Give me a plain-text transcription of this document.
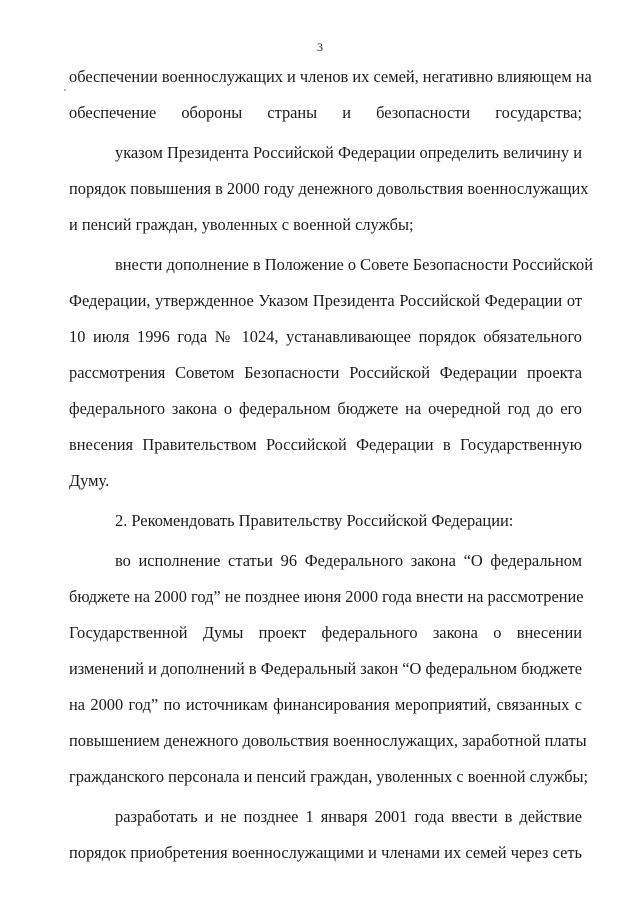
3
обеспечении военнослужащих и членов их семей, негативно влияющем на
обеспечение обороны страны и безопасности государства;
указом Президента Российской Федерации определить величину и
порядок повышения в 2000 году денежного довольствия военнослужащих
и пенсий граждан, уволенных с военной службы;
внести дополнение в Положение о Совете Безопасности Российской
Федерации, утвержденное Указом Президента Российской Федерации от
10 июля 1996 года № 1024, устанавливающее порядок обязательного
рассмотрения Советом Безопасности Российской Федерации проекта
федерального закона о федеральном бюджете на очередной год до его
внесения Правительством Российской Федерации в Государственную
Думу.
2. Рекомендовать Правительству Российской Федерации:
во исполнение статьи 96 Федерального закона “О федеральном
бюджете на 2000 год” не позднее июня 2000 года внести на рассмотрение
Государственной Думы проект федерального закона о внесении
изменений и дополнений в Федеральный закон “О федеральном бюджете
на 2000 год” по источникам финансирования мероприятий, связанных с
повышением денежного довольствия военнослужащих, заработной платы
гражданского персонала и пенсий граждан, уволенных с военной службы;
разработать и не позднее 1 января 2001 года ввести в действие
порядок приобретения военнослужащими и членами их семей через сеть
